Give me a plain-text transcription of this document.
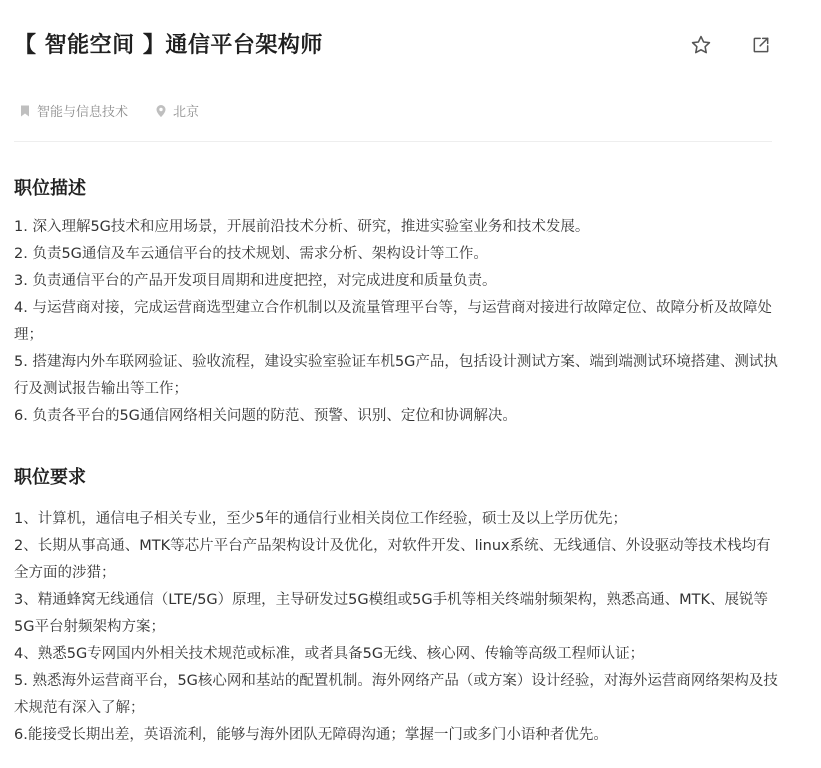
【 智能空间 】通信平台架构师
智能与信息技术	北京
职位描述
1. 深入理解5G技术和应用场景，开展前沿技术分析、研究，推进实验室业务和技术发展。
2. 负责5G通信及车云通信平台的技术规划、需求分析、架构设计等工作。
3. 负责通信平台的产品开发项目周期和进度把控，对完成进度和质量负责。
4. 与运营商对接，完成运营商选型建立合作机制以及流量管理平台等，与运营商对接进行故障定位、故障分析及故障处理；
5. 搭建海内外车联网验证、验收流程，建设实验室验证车机5G产品，包括设计测试方案、端到端测试环境搭建、测试执行及测试报告输出等工作；
6. 负责各平台的5G通信网络相关问题的防范、预警、识别、定位和协调解决。
职位要求
1、计算机，通信电子相关专业，至少5年的通信行业相关岗位工作经验，硕士及以上学历优先；
2、长期从事高通、MTK等芯片平台产品架构设计及优化，对软件开发、linux系统、无线通信、外设驱动等技术栈均有全方面的涉猎；
3、精通蜂窝无线通信（LTE/5G）原理，主导研发过5G模组或5G手机等相关终端射频架构，熟悉高通、MTK、展锐等5G平台射频架构方案；
4、熟悉5G专网国内外相关技术规范或标准，或者具备5G无线、核心网、传输等高级工程师认证；
5. 熟悉海外运营商平台，5G核心网和基站的配置机制。海外网络产品（或方案）设计经验，对海外运营商网络架构及技术规范有深入了解；
6.能接受长期出差，英语流利，能够与海外团队无障碍沟通；掌握一门或多门小语种者优先。
